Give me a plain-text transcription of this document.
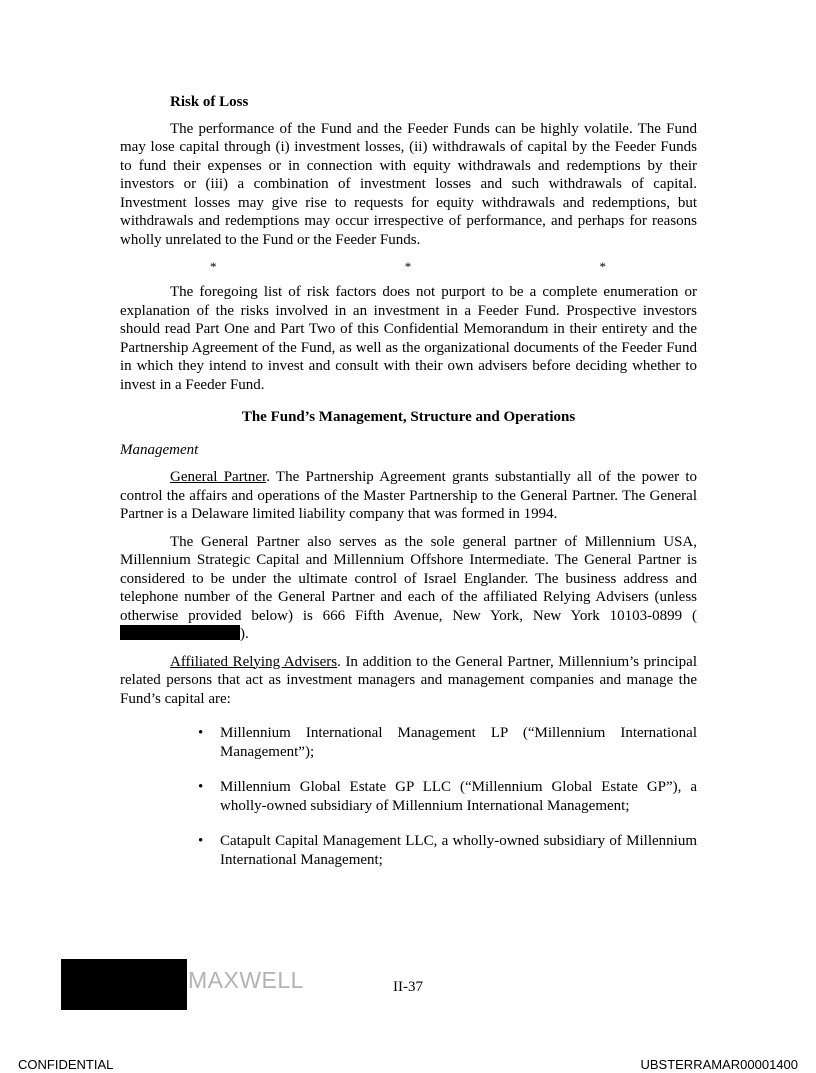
Risk of Loss

The performance of the Fund and the Feeder Funds can be highly volatile. The Fund may lose capital through (i) investment losses, (ii) withdrawals of capital by the Feeder Funds to fund their expenses or in connection with equity withdrawals and redemptions by their investors or (iii) a combination of investment losses and such withdrawals of capital. Investment losses may give rise to requests for equity withdrawals and redemptions, but withdrawals and redemptions may occur irrespective of performance, and perhaps for reasons wholly unrelated to the Fund or the Feeder Funds.

*	*	*

The foregoing list of risk factors does not purport to be a complete enumeration or explanation of the risks involved in an investment in a Feeder Fund. Prospective investors should read Part One and Part Two of this Confidential Memorandum in their entirety and the Partnership Agreement of the Fund, as well as the organizational documents of the Feeder Fund in which they intend to invest and consult with their own advisers before deciding whether to invest in a Feeder Fund.

The Fund’s Management, Structure and Operations

Management

General Partner. The Partnership Agreement grants substantially all of the power to control the affairs and operations of the Master Partnership to the General Partner. The General Partner is a Delaware limited liability company that was formed in 1994.

The General Partner also serves as the sole general partner of Millennium USA, Millennium Strategic Capital and Millennium Offshore Intermediate. The General Partner is considered to be under the ultimate control of Israel Englander. The business address and telephone number of the General Partner and each of the affiliated Relying Advisers (unless otherwise provided below) is 666 Fifth Avenue, New York, New York 10103-0899 ().

Affiliated Relying Advisers. In addition to the General Partner, Millennium’s principal related persons that act as investment managers and management companies and manage the Fund’s capital are:

• Millennium International Management LP (“Millennium International Management”);
• Millennium Global Estate GP LLC (“Millennium Global Estate GP”), a wholly-owned subsidiary of Millennium International Management;
• Catapult Capital Management LLC, a wholly-owned subsidiary of Millennium International Management;
MAXWELL	II-37
CONFIDENTIAL	UBSTERRAMAR00001400
